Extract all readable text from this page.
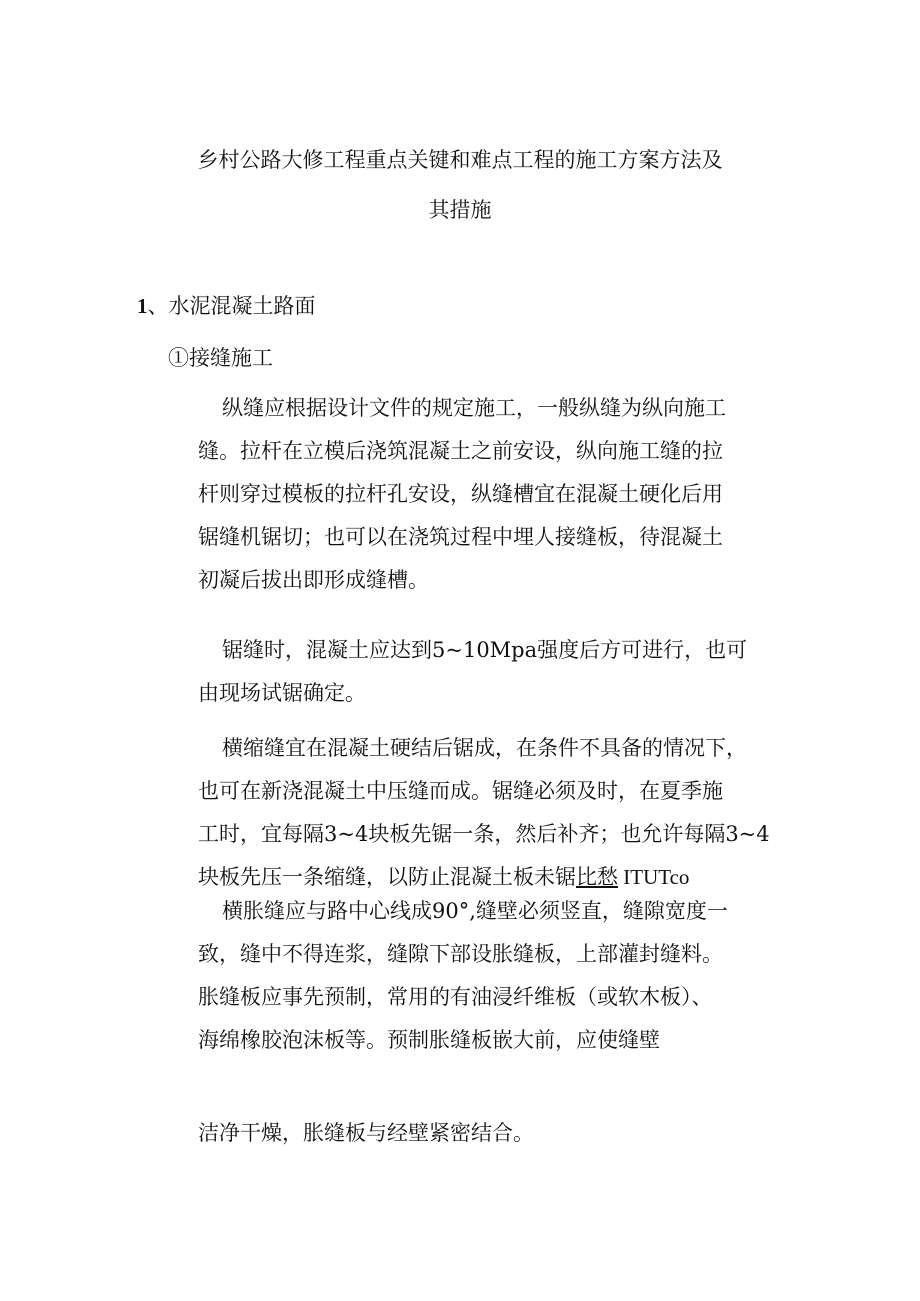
乡村公路大修工程重点关键和难点工程的施工方案方法及
其措施
1、水泥混凝土路面
①接缝施工
纵缝应根据设计文件的规定施工，一般纵缝为纵向施工
缝。拉杆在立模后浇筑混凝土之前安设，纵向施工缝的拉
杆则穿过模板的拉杆孔安设，纵缝槽宜在混凝土硬化后用
锯缝机锯切；也可以在浇筑过程中埋人接缝板，待混凝土
初凝后拔出即形成缝槽。
锯缝时，混凝土应达到5~10Mpa强度后方可进行，也可
由现场试锯确定。
横缩缝宜在混凝土硬结后锯成，在条件不具备的情况下，
也可在新浇混凝土中压缝而成。锯缝必须及时，在夏季施
工时，宜每隔3~4块板先锯一条，然后补齐；也允许每隔3~4
块板先压一条缩缝，以防止混凝土板未锯比愁 ITUTco
横胀缝应与路中心线成90°,缝壁必须竖直，缝隙宽度一
致，缝中不得连浆，缝隙下部设胀缝板，上部灌封缝料。
胀缝板应事先预制，常用的有油浸纤维板（或软木板）、
海绵橡胶泡沫板等。预制胀缝板嵌大前，应使缝壁
洁净干燥，胀缝板与经壁紧密结合。
